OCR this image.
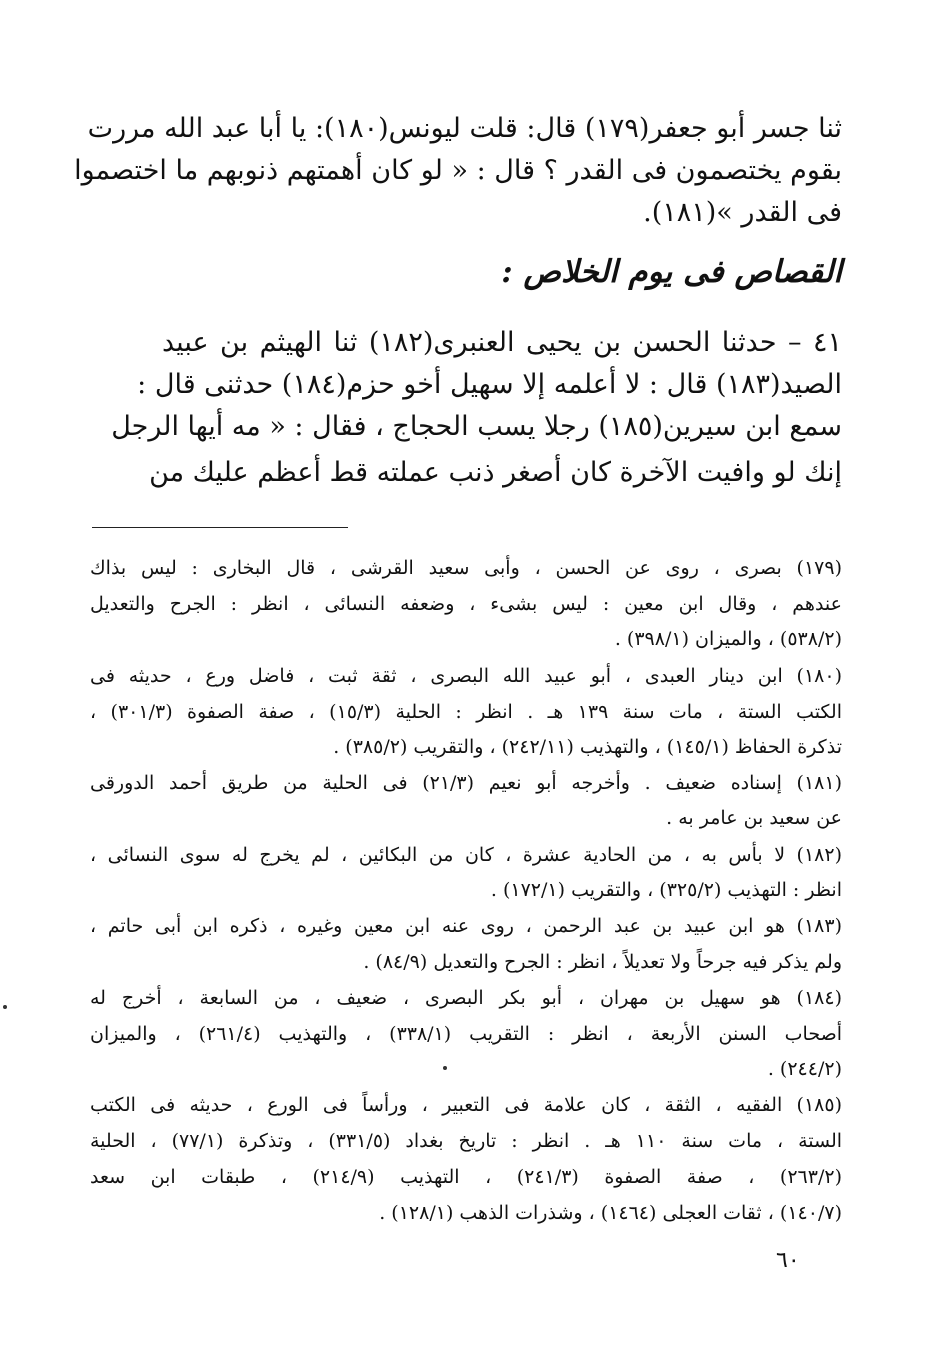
ثنا جسر أبو جعفر(١٧٩) قال: قلت ليونس(١٨٠): يا أبا عبد الله مررت
بقوم يختصمون فى القدر ؟ قال : « لو كان أهمتهم ذنوبهم ما اختصموا
فى القدر »(١٨١).
القصاص فى يوم الخلاص :
٤١ – حدثنا الحسن بن يحيى العنبرى(١٨٢) ثنا الهيثم بن عبيد
الصيد(١٨٣) قال : لا أعلمه إلا سهيل أخو حزم(١٨٤) حدثنى قال :
سمع ابن سيرين(١٨٥) رجلا يسب الحجاج ، فقال : « مه أيها الرجل
إنك لو وافيت الآخرة كان أصغر ذنب عملته قط أعظم عليك من
(١٧٩) بصرى ، روى عن الحسن ، وأبى سعيد القرشى ، قال البخارى : ليس بذاك
عندهم ، وقال ابن معين : ليس بشىء ، وضعفه النسائى ، انظر : الجرح والتعديل
(٥٣٨/٢) ، والميزان (٣٩٨/١) .
(١٨٠) ابن دينار العبدى ، أبو عبيد الله البصرى ، ثقة ثبت ، فاضل ورع ، حديثه فى
الكتب الستة ، مات سنة ١٣٩ هـ . انظر : الحلية (١٥/٣) ، صفة الصفوة (٣٠١/٣) ،
تذكرة الحفاظ (١٤٥/١) ، والتهذيب (٢٤٢/١١) ، والتقريب (٣٨٥/٢) .
(١٨١) إسناده ضعيف . وأخرجه أبو نعيم (٢١/٣) فى الحلية من طريق أحمد الدورقى
عن سعيد بن عامر به .
(١٨٢) لا بأس به ، من الحادية عشرة ، كان من البكائين ، لم يخرج له سوى النسائى ،
انظر : التهذيب (٣٢٥/٢) ، والتقريب (١٧٢/١) .
(١٨٣) هو ابن عبيد بن عبد الرحمن ، روى عنه ابن معين وغيره ، ذكره ابن أبى حاتم ،
ولم يذكر فيه جرحاً ولا تعديلاً ، انظر : الجرح والتعديل (٨٤/٩) .
(١٨٤) هو سهيل بن مهران ، أبو بكر البصرى ، ضعيف ، من السابعة ، أخرج له
أصحاب السنن الأربعة ، انظر : التقريب (٣٣٨/١) ، والتهذيب (٢٦١/٤) ، والميزان
(٢٤٤/٢) .
(١٨٥) الفقيه ، الثقة ، كان علامة فى التعبير ، ورأساً فى الورع ، حديثه فى الكتب
الستة ، مات سنة ١١٠ هـ . انظر : تاريخ بغداد (٣٣١/٥) ، وتذكرة (٧٧/١) ، الحلية
(٢٦٣/٢) ، صفة الصفوة (٢٤١/٣) ، التهذيب (٢١٤/٩) ، طبقات ابن سعد
(١٤٠/٧) ، ثقات العجلى (١٤٦٤) ، وشذرات الذهب (١٢٨/١) .
٦٠
